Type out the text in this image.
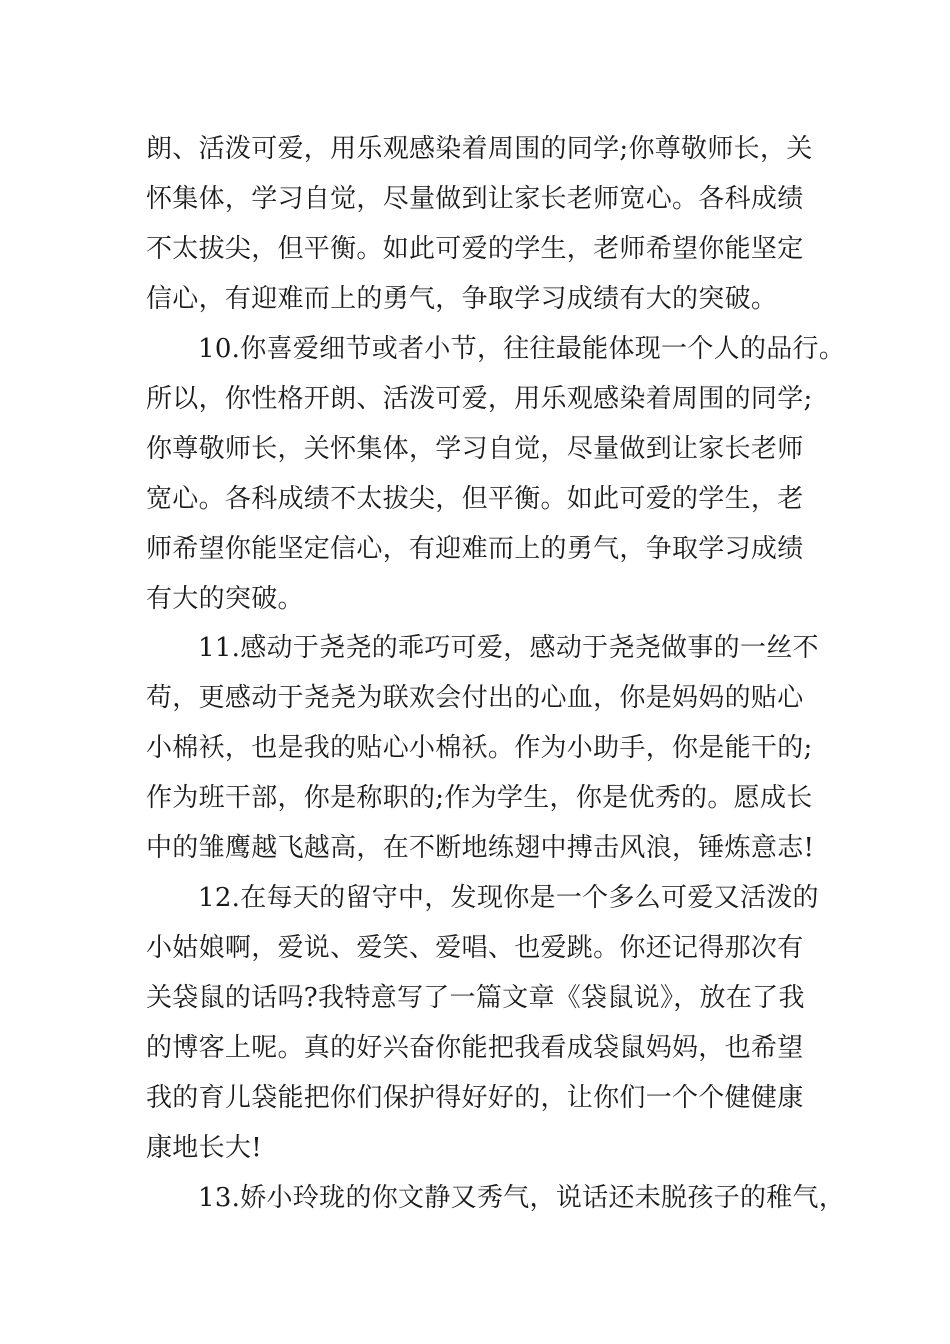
朗、活泼可爱，用乐观感染着周围的同学;你尊敬师长，关
怀集体，学习自觉，尽量做到让家长老师宽心。各科成绩
不太拔尖，但平衡。如此可爱的学生，老师希望你能坚定
信心，有迎难而上的勇气，争取学习成绩有大的突破。
10.你喜爱细节或者小节，往往最能体现一个人的品行。
所以，你性格开朗、活泼可爱，用乐观感染着周围的同学;
你尊敬师长，关怀集体，学习自觉，尽量做到让家长老师
宽心。各科成绩不太拔尖，但平衡。如此可爱的学生，老
师希望你能坚定信心，有迎难而上的勇气，争取学习成绩
有大的突破。
11.感动于尧尧的乖巧可爱，感动于尧尧做事的一丝不
苟，更感动于尧尧为联欢会付出的心血，你是妈妈的贴心
小棉袄，也是我的贴心小棉袄。作为小助手，你是能干的;
作为班干部，你是称职的;作为学生，你是优秀的。愿成长
中的雏鹰越飞越高，在不断地练翅中搏击风浪，锤炼意志!
12.在每天的留守中，发现你是一个多么可爱又活泼的
小姑娘啊，爱说、爱笑、爱唱、也爱跳。你还记得那次有
关袋鼠的话吗?我特意写了一篇文章《袋鼠说》，放在了我
的博客上呢。真的好兴奋你能把我看成袋鼠妈妈，也希望
我的育儿袋能把你们保护得好好的，让你们一个个健健康
康地长大!
13.娇小玲珑的你文静又秀气，说话还未脱孩子的稚气，
